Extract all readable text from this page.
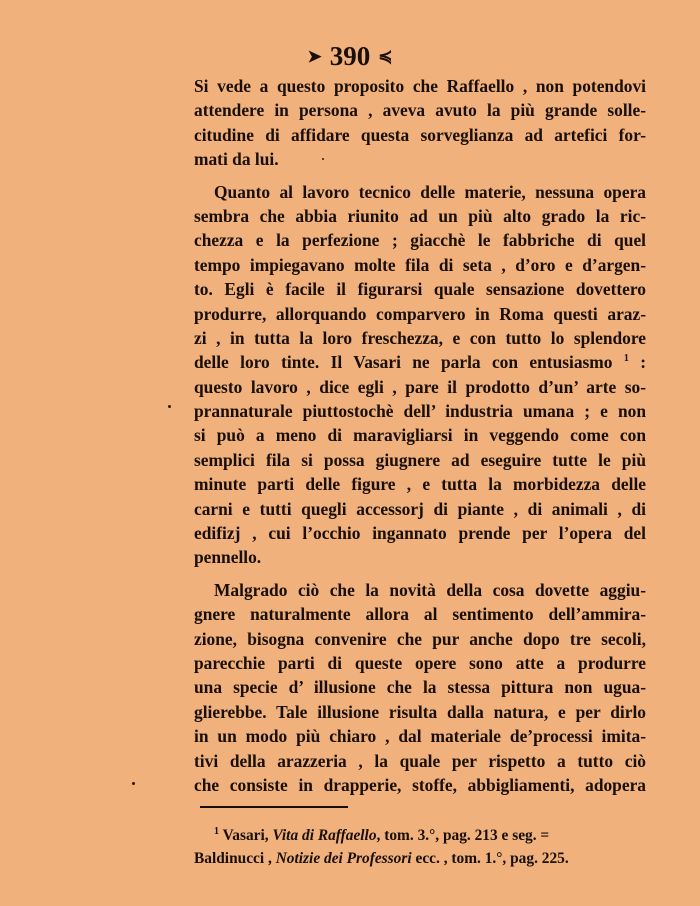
➤ 390 ≼
Si vede a questo proposito che Raffaello , non potendovi
attendere in persona , aveva avuto la più grande solle-
citudine di affidare questa sorveglianza ad artefici for-
mati da lui.
Quanto al lavoro tecnico delle materie, nessuna opera
sembra che abbia riunito ad un più alto grado la ric-
chezza e la perfezione ; giacchè le fabbriche di quel
tempo impiegavano molte fila di seta , d’oro e d’argen-
to. Egli è facile il figurarsi quale sensazione dovettero
produrre, allorquando comparvero in Roma questi araz-
zi , in tutta la loro freschezza, e con tutto lo splendore
delle loro tinte. Il Vasari ne parla con entusiasmo $^1$ :
questo lavoro , dice egli , pare il prodotto d’un’ arte so-
prannaturale piuttostochè dell’ industria umana ; e non
si può a meno di maravigliarsi in veggendo come con
semplici fila si possa giugnere ad eseguire tutte le più
minute parti delle figure , e tutta la morbidezza delle
carni e tutti quegli accessorj di piante , di animali , di
edifizj , cui l’occhio ingannato prende per l’opera del
pennello.
Malgrado ciò che la novità della cosa dovette aggiu-
gnere naturalmente allora al sentimento dell’ammira-
zione, bisogna convenire che pur anche dopo tre secoli,
parecchie parti di queste opere sono atte a produrre
una specie d’ illusione che la stessa pittura non ugua-
glierebbe. Tale illusione risulta dalla natura, e per dirlo
in un modo più chiaro , dal materiale de’processi imita-
tivi della arazzeria , la quale per rispetto a tutto ciò
che consiste in drapperie, stoffe, abbigliamenti, adopera
$^1$ Vasari, Vita di Raffaello, tom. 3.°, pag. 213 e seg. =
Baldinucci , Notizie dei Professori ecc. , tom. 1.°, pag. 225.
